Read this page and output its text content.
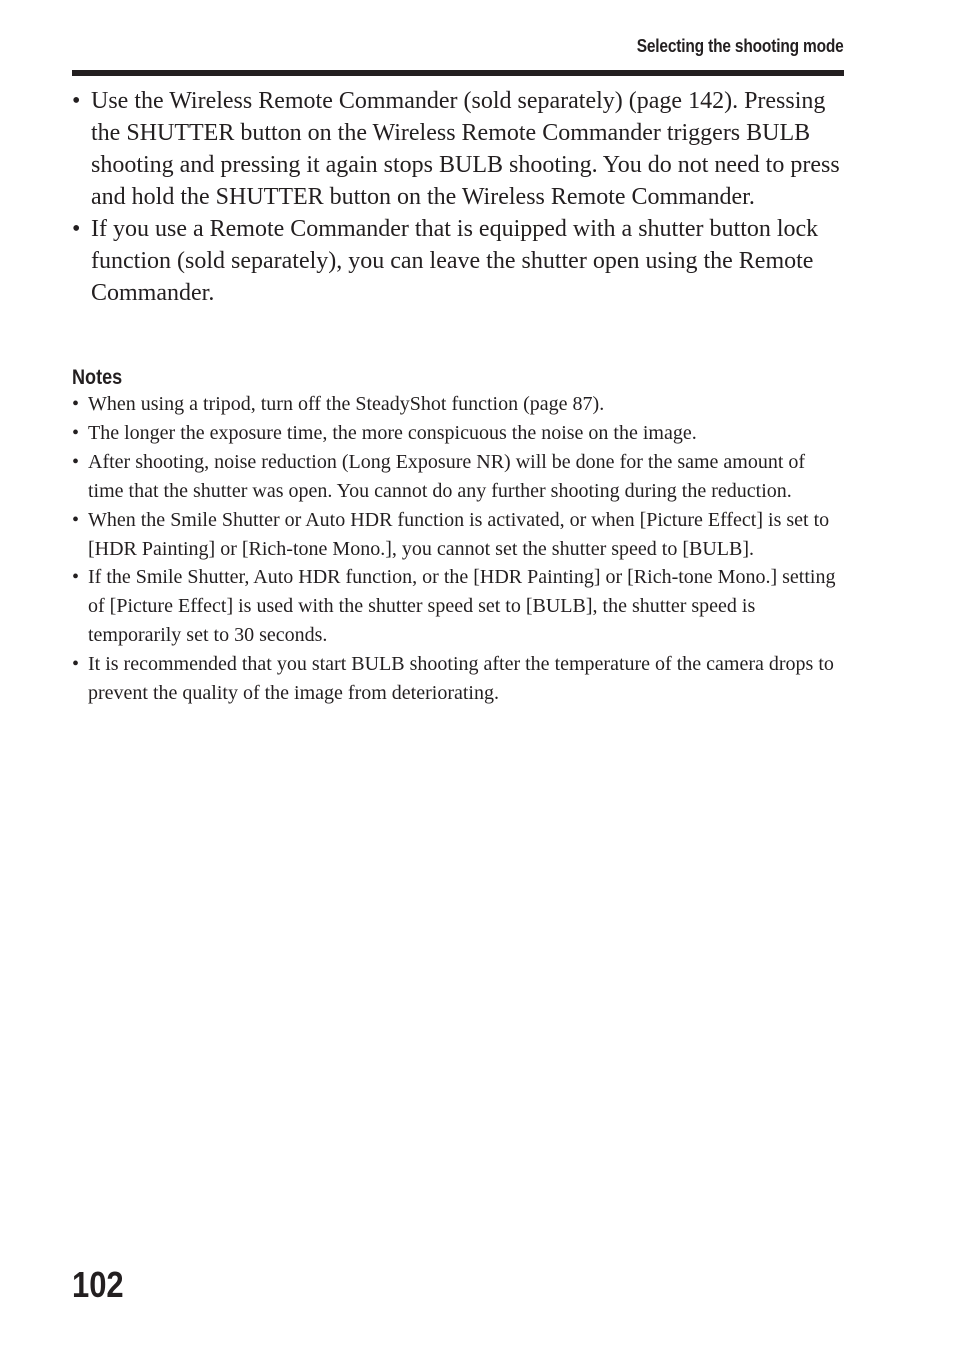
Selecting the shooting mode
• Use the Wireless Remote Commander (sold separately) (page 142). Pressing the SHUTTER button on the Wireless Remote Commander triggers BULB shooting and pressing it again stops BULB shooting. You do not need to press and hold the SHUTTER button on the Wireless Remote Commander.
• If you use a Remote Commander that is equipped with a shutter button lock function (sold separately), you can leave the shutter open using the Remote Commander.
Notes
• When using a tripod, turn off the SteadyShot function (page 87).
• The longer the exposure time, the more conspicuous the noise on the image.
• After shooting, noise reduction (Long Exposure NR) will be done for the same amount of time that the shutter was open. You cannot do any further shooting during the reduction.
• When the Smile Shutter or Auto HDR function is activated, or when [Picture Effect] is set to [HDR Painting] or [Rich-tone Mono.], you cannot set the shutter speed to [BULB].
• If the Smile Shutter, Auto HDR function, or the [HDR Painting] or [Rich-tone Mono.] setting of [Picture Effect] is used with the shutter speed set to [BULB], the shutter speed is temporarily set to 30 seconds.
• It is recommended that you start BULB shooting after the temperature of the camera drops to prevent the quality of the image from deteriorating.
102
